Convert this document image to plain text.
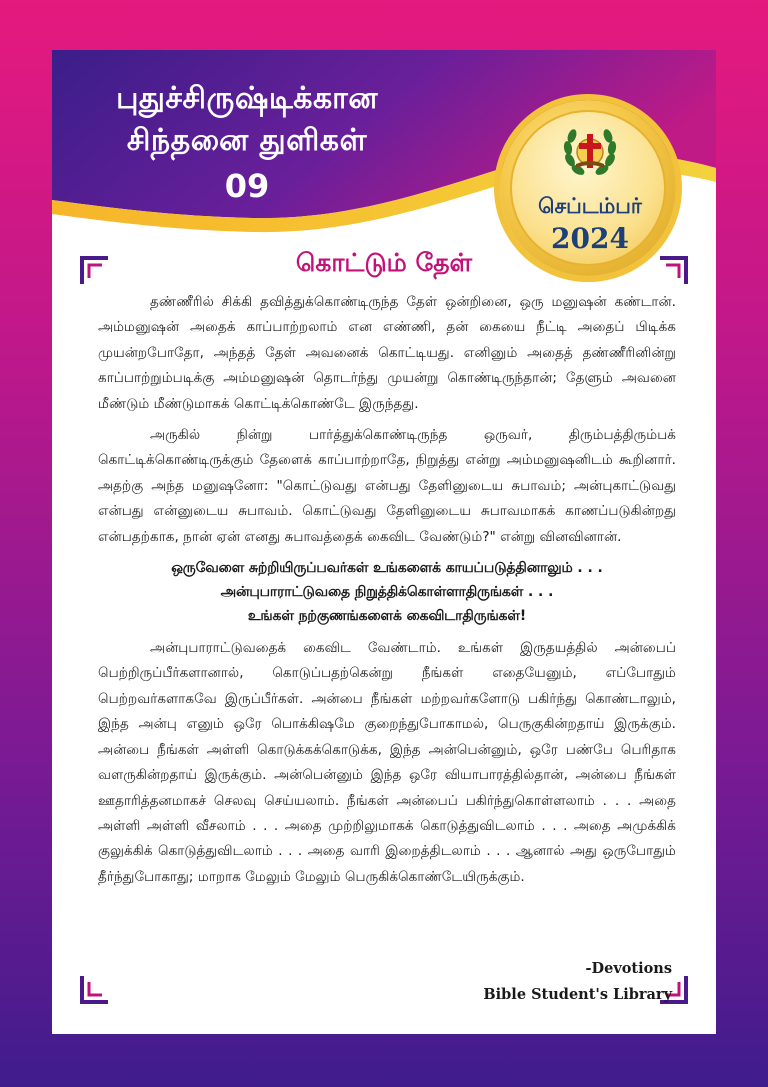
புதுச்சிருஷ்டிக்கான
சிந்தனை துளிகள்
09
செப்டம்பர்
2024
கொட்டும் தேள்

தண்ணீரில் சிக்கி தவித்துக்கொண்டிருந்த தேள் ஒன்றினை, ஒரு மனுஷன் கண்டான். அம்மனுஷன் அதைக் காப்பாற்றலாம் என எண்ணி, தன் கையை நீட்டி அதைப் பிடிக்க முயன்றபோதோ, அந்தத் தேள் அவனைக் கொட்டியது. எனினும் அதைத் தண்ணீரினின்று காப்பாற்றும்படிக்கு அம்மனுஷன் தொடர்ந்து முயன்று கொண்டிருந்தான்; தேளும் அவனை மீண்டும் மீண்டுமாகக் கொட்டிக்கொண்டே இருந்தது.

அருகில் நின்று பார்த்துக்கொண்டிருந்த ஒருவர், திரும்பத்திரும்பக் கொட்டிக்கொண்டிருக்கும் தேளைக் காப்பாற்றாதே, நிறுத்து என்று அம்மனுஷனிடம் கூறினார். அதற்கு அந்த மனுஷனோ: "கொட்டுவது என்பது தேளினுடைய சுபாவம்; அன்புகாட்டுவது என்பது என்னுடைய சுபாவம். கொட்டுவது தேளினுடைய சுபாவமாகக் காணப்படுகின்றது என்பதற்காக, நான் ஏன் எனது சுபாவத்தைக் கைவிட வேண்டும்?" என்று வினவினான்.

ஒருவேளை சுற்றியிருப்பவர்கள் உங்களைக் காயப்படுத்தினாலும் . . .
அன்புபாராட்டுவதை நிறுத்திக்கொள்ளாதிருங்கள் . . .
உங்கள் நற்குணங்களைக் கைவிடாதிருங்கள்!

அன்புபாராட்டுவதைக் கைவிட வேண்டாம். உங்கள் இருதயத்தில் அன்பைப் பெற்றிருப்பீர்களானால், கொடுப்பதற்கென்று நீங்கள் எதையேனும், எப்போதும் பெற்றவர்களாகவே இருப்பீர்கள். அன்பை நீங்கள் மற்றவர்களோடு பகிர்ந்து கொண்டாலும், இந்த அன்பு எனும் ஒரே பொக்கிஷமே குறைந்துபோகாமல், பெருகுகின்றதாய் இருக்கும். அன்பை நீங்கள் அள்ளி கொடுக்கக்கொடுக்க, இந்த அன்பென்னும், ஒரே பண்பே பெரிதாக வளருகின்றதாய் இருக்கும். அன்பென்னும் இந்த ஒரே வியாபாரத்தில்தான், அன்பை நீங்கள் ஊதாரித்தனமாகச் செலவு செய்யலாம். நீங்கள் அன்பைப் பகிர்ந்துகொள்ளலாம் . . . அதை அள்ளி அள்ளி வீசலாம் . . . அதை முற்றிலுமாகக் கொடுத்துவிடலாம் . . . அதை அமுக்கிக் குலுக்கிக் கொடுத்துவிடலாம் . . . அதை வாரி இறைத்திடலாம் . . . ஆனால் அது ஒருபோதும் தீர்ந்துபோகாது; மாறாக மேலும் மேலும் பெருகிக்கொண்டேயிருக்கும்.

-Devotions
Bible Student's Library
